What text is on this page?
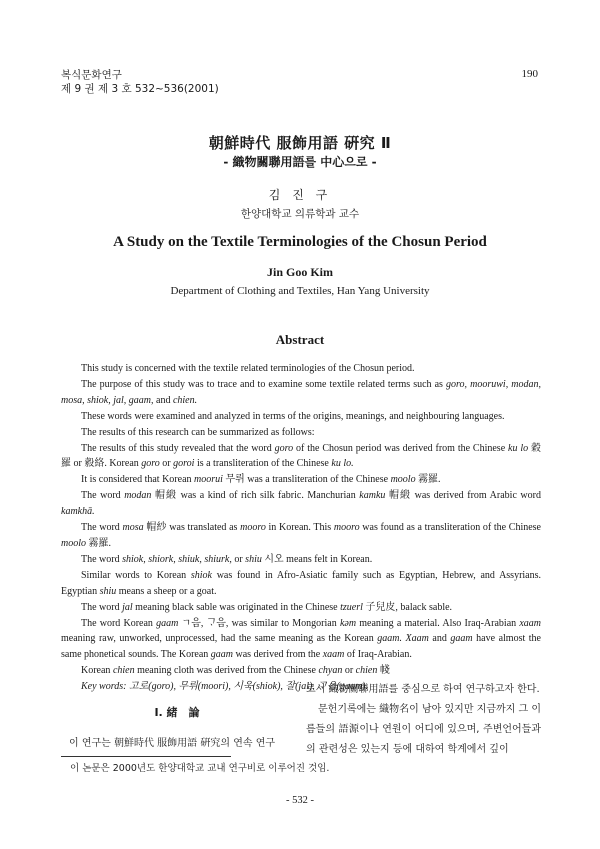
복식문화연구
제 9 권 제 3 호 532~536(2001)
190
朝鮮時代 服飾用語 硏究 Ⅱ
- 織物關聯用語를 中心으로 -
김 진 구
한양대학교 의류학과 교수
A Study on the Textile Terminologies of the Chosun Period
Jin Goo Kim
Department of Clothing and Textiles, Han Yang University
Abstract

This study is concerned with the textile related terminologies of the Chosun period.

The purpose of this study was to trace and to examine some textile related terms such as goro, mooruwi, modan, mosa, shiok, jal, gaam, and chien.

These words were examined and analyzed in terms of the origins, meanings, and neighbouring languages.

The results of this research can be summarized as follows:

The results of this study revealed that the word goro of the Chosun period was derived from the Chinese ku lo 穀羅 or 縠絡. Korean goro or goroi is a transliteration of the Chinese ku lo.

It is considered that Korean moorui 무뤼 was a transliteration of the Chinese moolo 霧羅.

The word modan 帽緞 was a kind of rich silk fabric. Manchurian kamku 帽緞 was derived from Arabic word kamkhā.

The word mosa 帽紗 was translated as mooro in Korean. This mooro was found as a transliteration of the Chinese moolo 霧羅.

The word shiok, shiork, shiuk, shiurk, or shiu 시오 means felt in Korean.

Similar words to Korean shiok was found in Afro-Asiatic family such as Egyptian, Hebrew, and Assyrians. Egyptian shiu means a sheep or a goat.

The word jal meaning black sable was originated in the Chinese tzuerl 子兒皮, balack sable.

The word Korean gaam ㄱ음, ᄀᆞ음, was similar to Mongorian kəm meaning a material. Also Iraq-Arabian xaam meaning raw, unworked, unprocessed, had the same meaning as the Korean gaam. Xaam and gaam have almost the same phonetical sounds. The Korean gaam was derived from the xaam of Iraq-Arabian.

Korean chien meaning cloth was derived from the Chinese chyan or chien 帴

Key words: 고로(goro), 무뤼(moori), 시욱(shiok), 잘(jal), ᄀᆞ음(gaam).

Ⅰ. 緒　論

이 연구는 朝鮮時代 服飾用語 硏究의 연속 연구

로서 織物關聯用語를 중심으로 하여 연구하고자 한다.

문헌기록에는 織物名이 남아 있지만 지금까지 그 이름들의 語源이나 연원이 어디에 있으며, 주변언어들과의 관련성은 있는지 등에 대하여 학계에서 깊이

이 논문은 2000년도 한양대학교 교내 연구비로 이루어진 것임.
- 532 -
